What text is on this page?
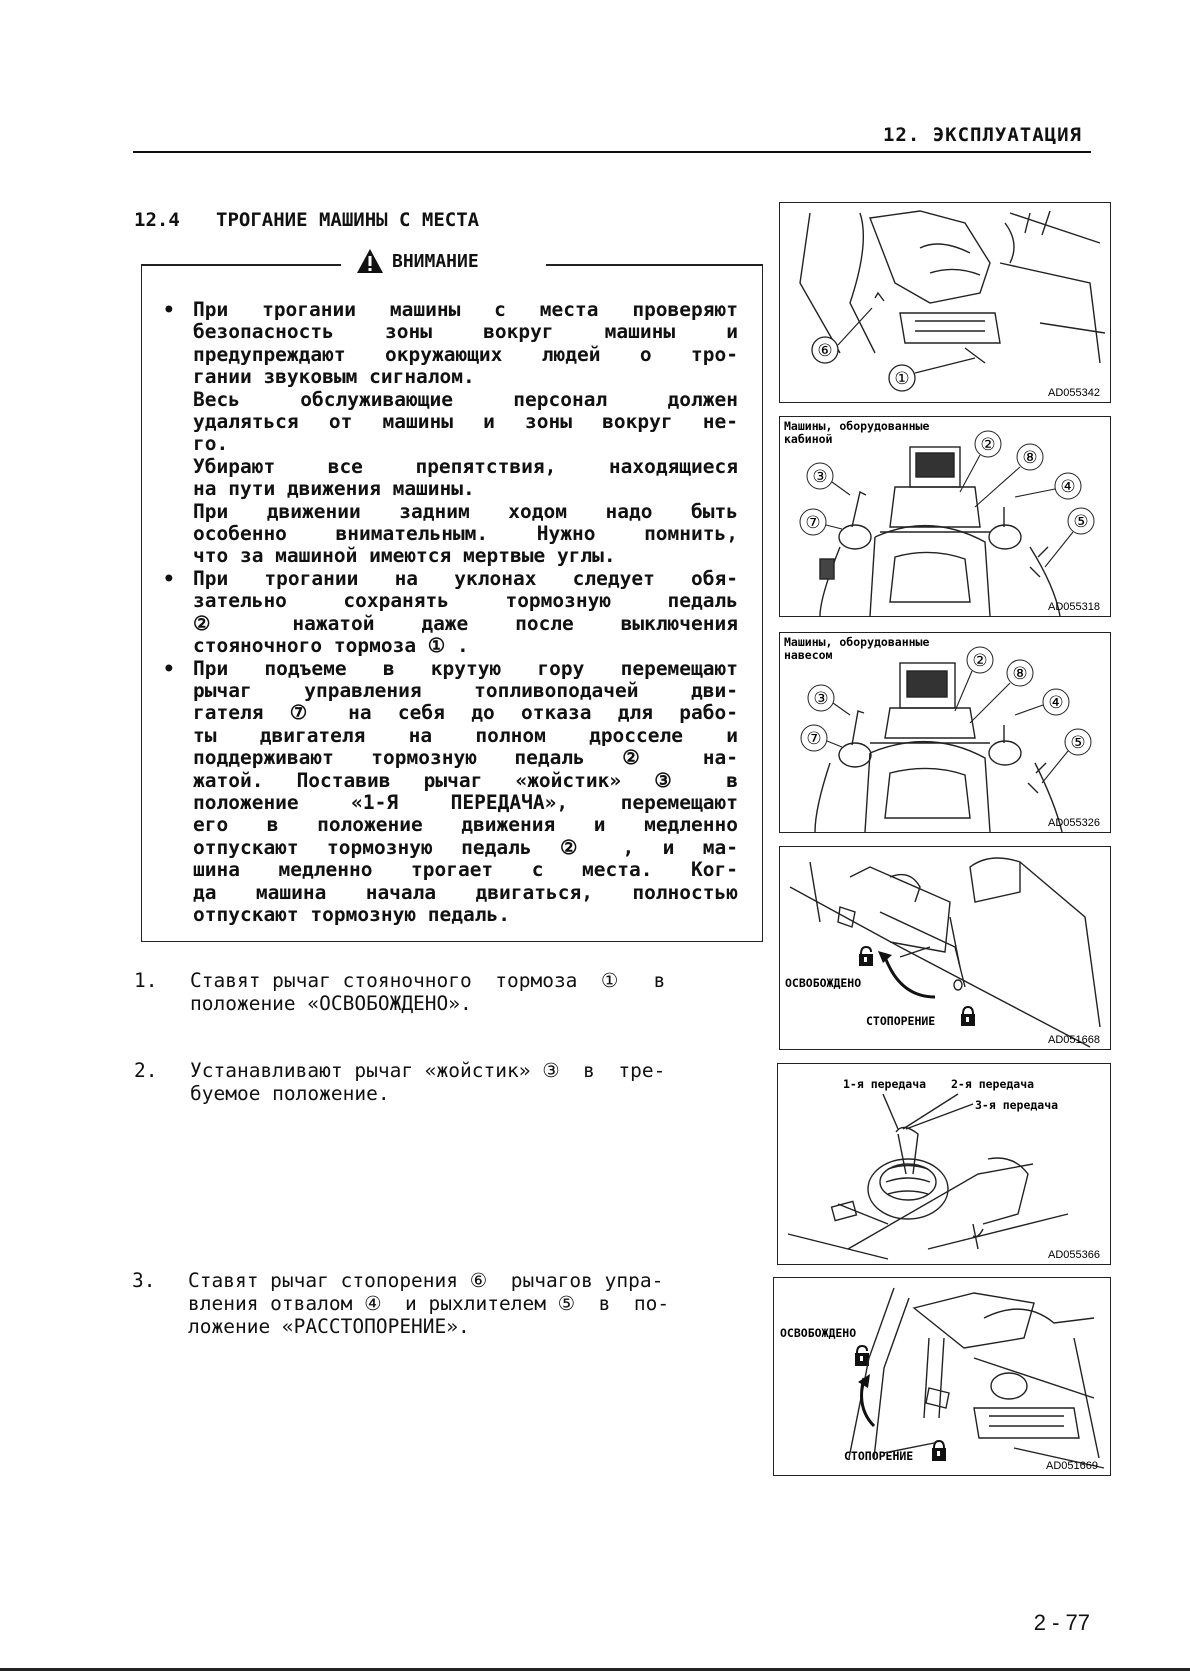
12. ЭКСПЛУАТАЦИЯ
12.4 ТРОГАНИЕ МАШИНЫ С МЕСТА
ВНИМАНИЕ

• При трогании машины с места проверяют

безопасность зоны вокруг машины и

предупреждают окружающих людей о тро-

гании звуковым сигналом.

Весь обслуживающие персонал должен

удаляться от машины и зоны вокруг не-

го.

Убирают все препятствия, находящиеся

на пути движения машины.

При движении задним ходом надо быть

особенно внимательным. Нужно помнить,

что за машиной имеются мертвые углы.

• При трогании на уклонах следует обя-

зательно сохранять тормозную педаль

② нажатой даже после выключения

стояночного тормоза ① .

• При подъеме в крутую гору перемещают

рычаг управления топливоподачей дви-

гателя ⑦ на себя до отказа для рабо-

ты двигателя на полном дросселе и

поддерживают тормозную педаль ② на-

жатой. Поставив рычаг «жойстик» ③ в

положение «1-Я ПЕРЕДАЧА», перемещают

его в положение движения и медленно

отпускают тормозную педаль ② , и ма-

шина медленно трогает с места. Ког-

да машина начала двигаться, полностью

отпускают тормозную педаль.

1. Ставят рычаг стояночного  тормоза  ①   в
положение «ОСВОБОЖДЕНО».
2. Устанавливают рычаг «жойстик» ③  в  тре-
буемое положение.
3. Ставят рычаг стопорения ⑥  рычагов упра-
вления отвалом ④  и рыхлителем ⑤  в  по-
ложение «РАССТОПОРЕНИЕ».
⑥
①
AD055342
Машины, оборудованные
кабиной	②
⑧
③	④
⑦	⑤
AD055318
Машины, оборудованные
навесом	②
⑧
③	④
⑦	⑤
AD055326
ОСВОБОЖДЕНО
СТОПОРЕНИЕ
AD051668
1-я передача 2-я передача
3-я передача
AD055366
ОСВОБОЖДЕНО
СТОПОРЕНИЕ
AD051669
2 - 77
